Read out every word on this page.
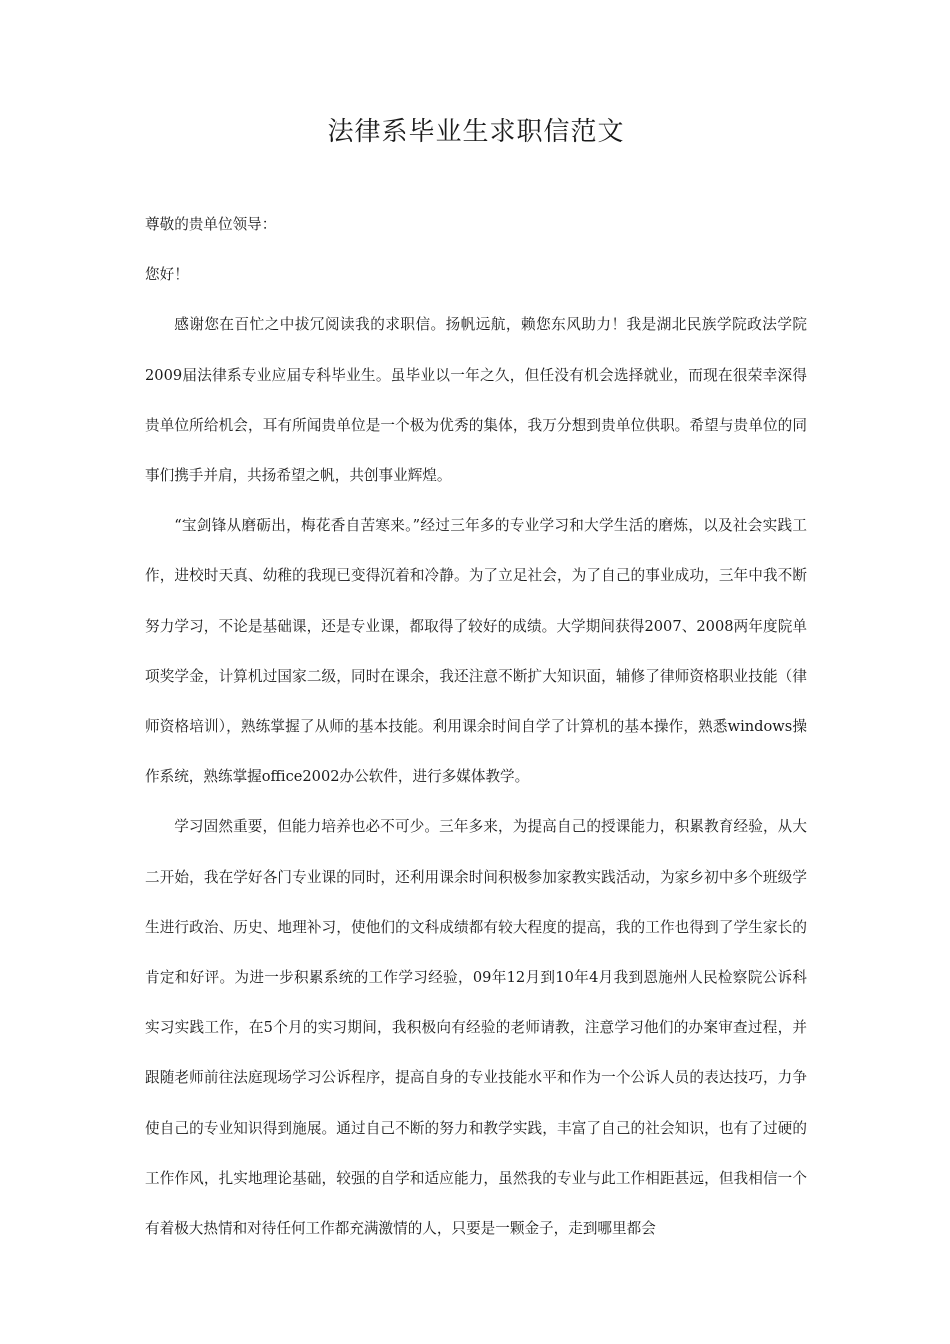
法律系毕业生求职信范文

尊敬的贵单位领导：

您好！

感谢您在百忙之中拔冗阅读我的求职信。扬帆远航，赖您东风助力！我是湖北民族学院政法学院2009届法律系专业应届专科毕业生。虽毕业以一年之久，但任没有机会选择就业，而现在很荣幸深得贵单位所给机会，耳有所闻贵单位是一个极为优秀的集体，我万分想到贵单位供职。希望与贵单位的同事们携手并肩，共扬希望之帆，共创事业辉煌。

“宝剑锋从磨砺出，梅花香自苦寒来。”经过三年多的专业学习和大学生活的磨炼，以及社会实践工作，进校时天真、幼稚的我现已变得沉着和冷静。为了立足社会，为了自己的事业成功，三年中我不断努力学习，不论是基础课，还是专业课，都取得了较好的成绩。大学期间获得2007、2008两年度院单项奖学金，计算机过国家二级，同时在课余，我还注意不断扩大知识面，辅修了律师资格职业技能（律师资格培训），熟练掌握了从师的基本技能。利用课余时间自学了计算机的基本操作，熟悉windows操作系统，熟练掌握office2002办公软件，进行多媒体教学。

学习固然重要，但能力培养也必不可少。三年多来，为提高自己的授课能力，积累教育经验，从大二开始，我在学好各门专业课的同时，还利用课余时间积极参加家教实践活动，为家乡初中多个班级学生进行政治、历史、地理补习，使他们的文科成绩都有较大程度的提高，我的工作也得到了学生家长的肯定和好评。为进一步积累系统的工作学习经验，09年12月到10年4月我到恩施州人民检察院公诉科实习实践工作，在5个月的实习期间，我积极向有经验的老师请教，注意学习他们的办案审查过程，并跟随老师前往法庭现场学习公诉程序，提高自身的专业技能水平和作为一个公诉人员的表达技巧，力争使自己的专业知识得到施展。通过自己不断的努力和教学实践，丰富了自己的社会知识，也有了过硬的工作作风，扎实地理论基础，较强的自学和适应能力，虽然我的专业与此工作相距甚远，但我相信一个有着极大热情和对待任何工作都充满激情的人，只要是一颗金子，走到哪里都会
